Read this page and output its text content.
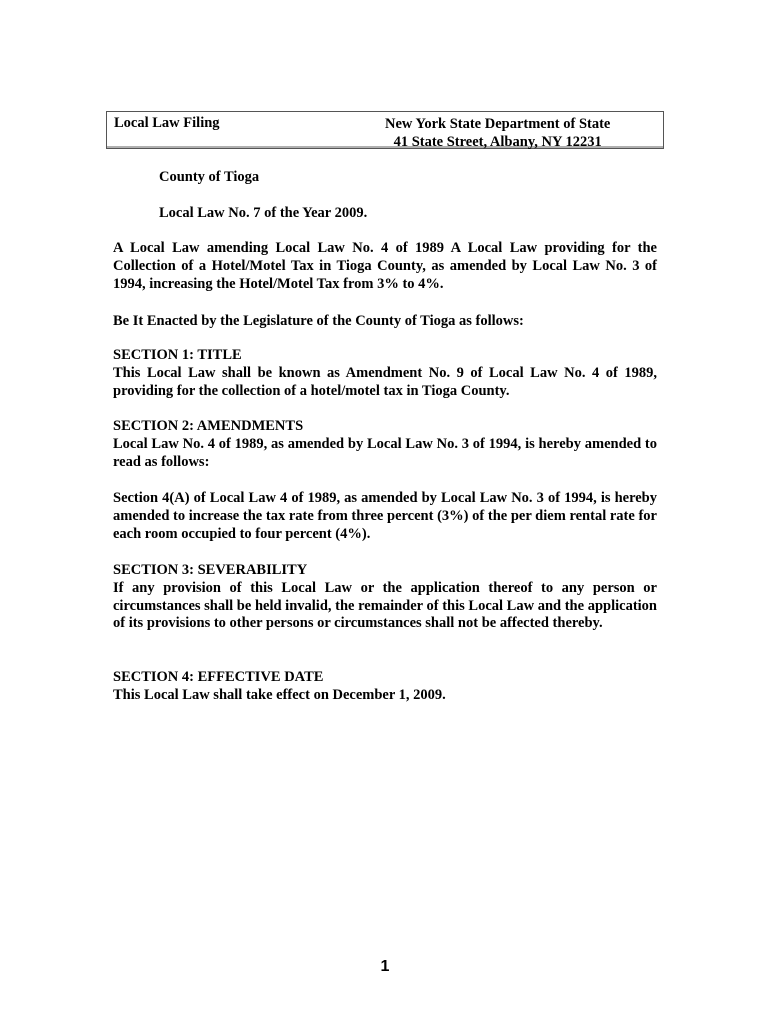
Local Law Filing	New York State Department of State
41 State Street, Albany, NY 12231
County of Tioga
Local Law No. 7 of the Year 2009.
A Local Law amending Local Law No. 4 of 1989 A Local Law providing for the Collection of a Hotel/Motel Tax in Tioga County, as amended by Local Law No. 3 of 1994, increasing the Hotel/Motel Tax from 3% to 4%.
Be It Enacted by the Legislature of the County of Tioga as follows:
SECTION 1: TITLE
This Local Law shall be known as Amendment No. 9 of Local Law No. 4 of 1989, providing for the collection of a hotel/motel tax in Tioga County.
SECTION 2: AMENDMENTS
Local Law No. 4 of 1989, as amended by Local Law No. 3 of 1994, is hereby amended to read as follows:
Section 4(A) of Local Law 4 of 1989, as amended by Local Law No. 3 of 1994, is hereby amended to increase the tax rate from three percent (3%) of the per diem rental rate for each room occupied to four percent (4%).
SECTION 3: SEVERABILITY
If any provision of this Local Law or the application thereof to any person or circumstances shall be held invalid, the remainder of this Local Law and the application of its provisions to other persons or circumstances shall not be affected thereby.
SECTION 4: EFFECTIVE DATE
This Local Law shall take effect on December 1, 2009.
1
